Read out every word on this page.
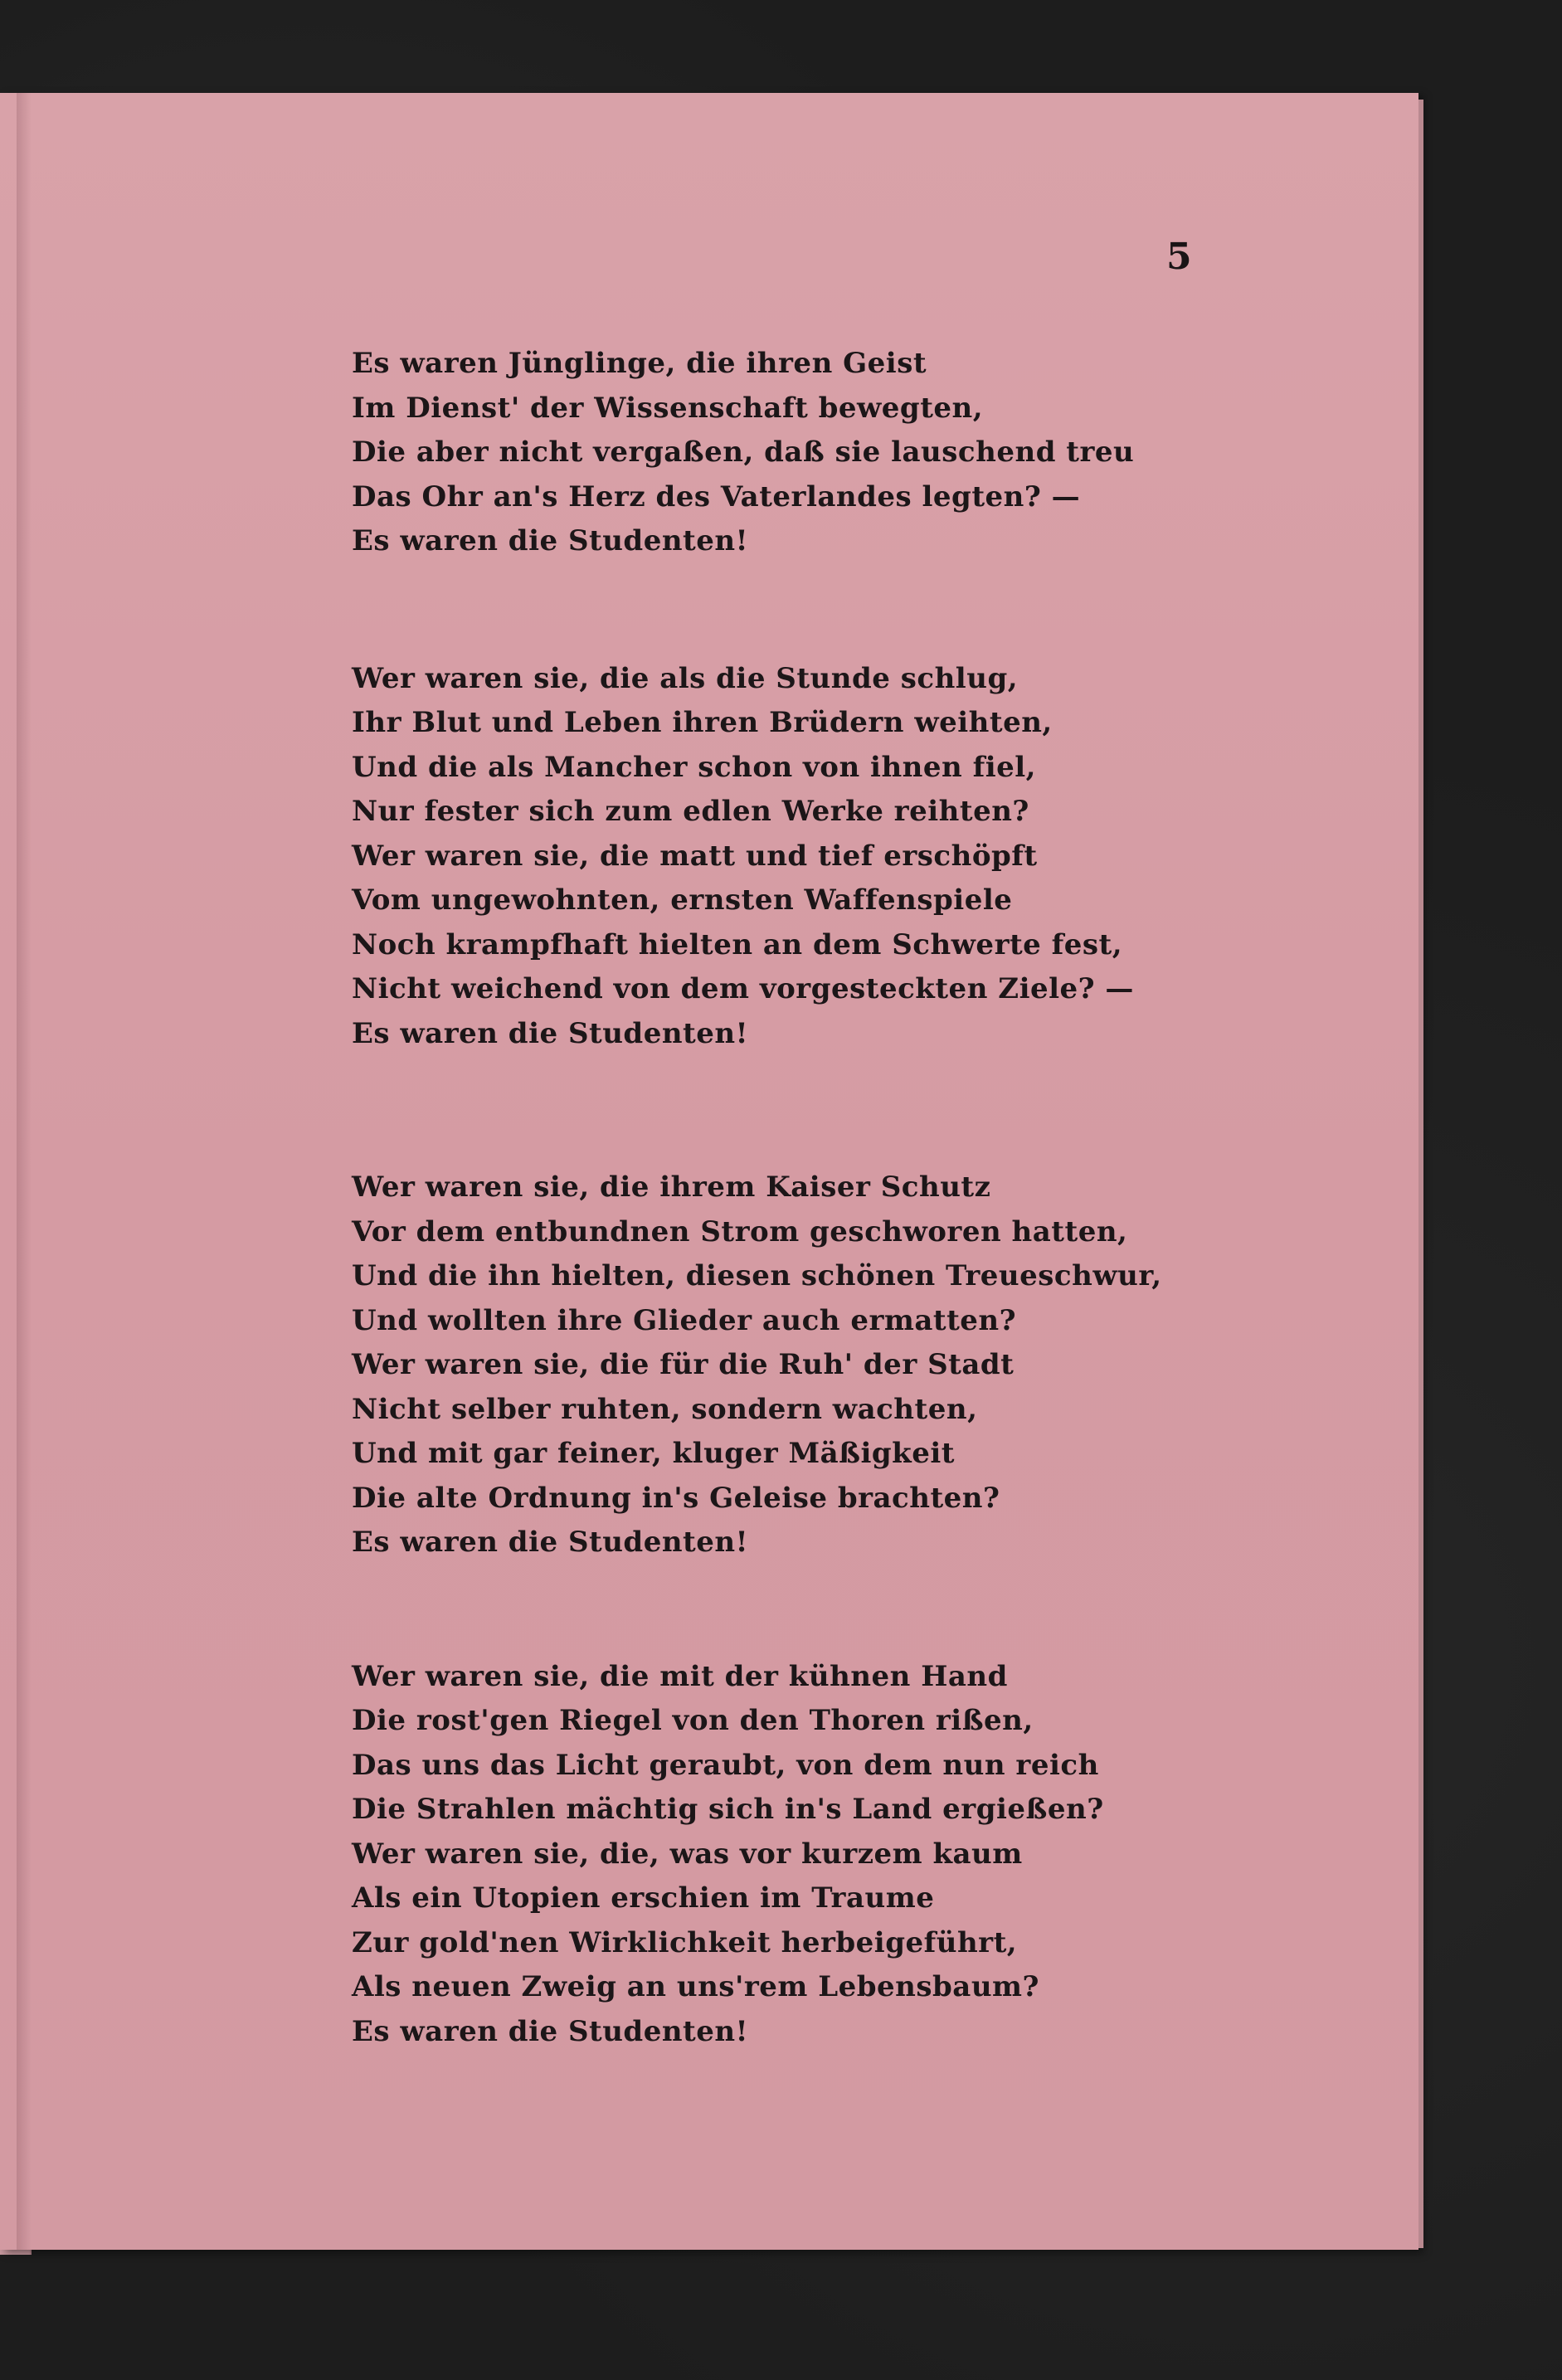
5
Es waren Jünglinge, die ihren Geist
Im Dienst' der Wissenschaft bewegten,
Die aber nicht vergaßen, daß sie lauschend treu
Das Ohr an's Herz des Vaterlandes legten? —
Es waren die Studenten!
Wer waren sie, die als die Stunde schlug,
Ihr Blut und Leben ihren Brüdern weihten,
Und die als Mancher schon von ihnen fiel,
Nur fester sich zum edlen Werke reihten?
Wer waren sie, die matt und tief erschöpft
Vom ungewohnten, ernsten Waffenspiele
Noch krampfhaft hielten an dem Schwerte fest,
Nicht weichend von dem vorgesteckten Ziele? —
Es waren die Studenten!
Wer waren sie, die ihrem Kaiser Schutz
Vor dem entbundnen Strom geschworen hatten,
Und die ihn hielten, diesen schönen Treueschwur,
Und wollten ihre Glieder auch ermatten?
Wer waren sie, die für die Ruh' der Stadt
Nicht selber ruhten, sondern wachten,
Und mit gar feiner, kluger Mäßigkeit
Die alte Ordnung in's Geleise brachten?
Es waren die Studenten!
Wer waren sie, die mit der kühnen Hand
Die rost'gen Riegel von den Thoren rißen,
Das uns das Licht geraubt, von dem nun reich
Die Strahlen mächtig sich in's Land ergießen?
Wer waren sie, die, was vor kurzem kaum
Als ein Utopien erschien im Traume
Zur gold'nen Wirklichkeit herbeigeführt,
Als neuen Zweig an uns'rem Lebensbaum?
Es waren die Studenten!
